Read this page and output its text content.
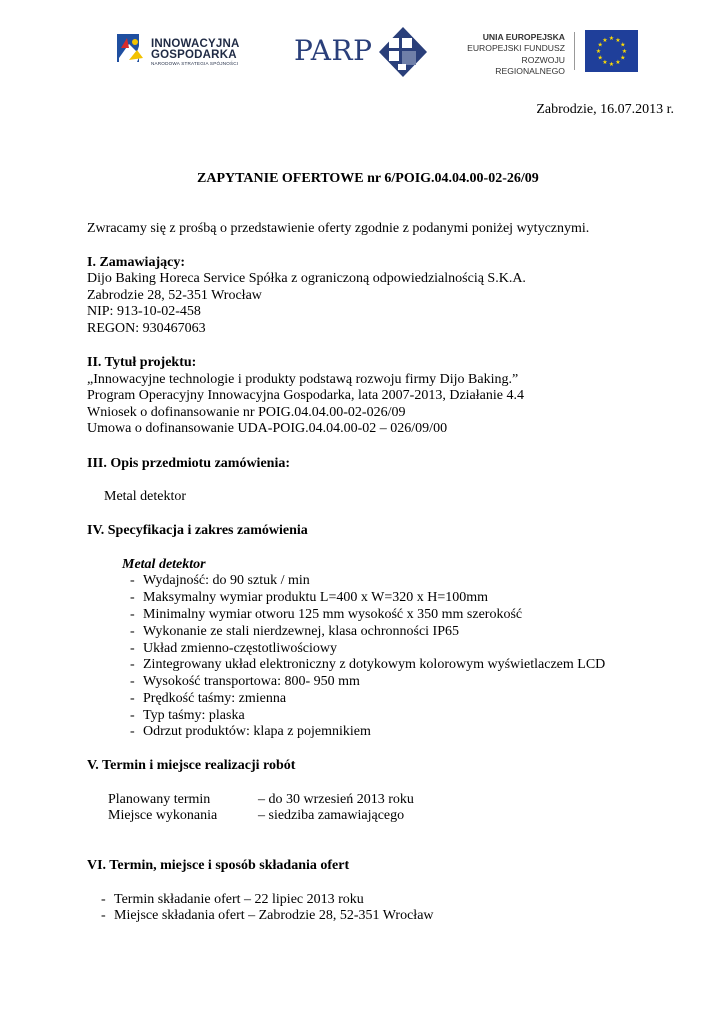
INNOWACYJNA
GOSPODARKA
NARODOWA STRATEGIA SPÓJNOŚCI PARP	UNIA EUROPEJSKA
EUROPEJSKI FUNDUSZ
ROZWOJU REGIONALNEGO
★ ★
★
★
★
★
★
★
★
★
★
★
Zabrodzie, 16.07.2013 r.
ZAPYTANIE OFERTOWE nr 6/POIG.04.04.00-02-26/09
Zwracamy się z prośbą o przedstawienie oferty zgodnie z podanymi poniżej wytycznymi.
I. Zamawiający:
Dijo Baking Horeca Service Spółka z ograniczoną odpowiedzialnością S.K.A.
Zabrodzie 28, 52-351 Wrocław
NIP: 913-10-02-458
REGON: 930467063
II. Tytuł projektu:
„Innowacyjne technologie i produkty podstawą rozwoju firmy Dijo Baking.”
Program Operacyjny Innowacyjna Gospodarka, lata 2007-2013, Działanie 4.4
Wniosek o dofinansowanie nr POIG.04.04.00-02-026/09
Umowa o dofinansowanie UDA-POIG.04.04.00-02 – 026/09/00
III. Opis przedmiotu zamówienia:
Metal detektor
IV. Specyfikacja i zakres zamówienia
Metal detektor
- Wydajność: do 90 sztuk / min
- Maksymalny wymiar produktu L=400 x W=320 x H=100mm
- Minimalny wymiar otworu 125 mm wysokość x 350 mm szerokość
- Wykonanie ze stali nierdzewnej, klasa ochronności IP65
- Układ zmienno-częstotliwościowy
- Zintegrowany układ elektroniczny z dotykowym kolorowym wyświetlaczem LCD
- Wysokość transportowa: 800- 950 mm
- Prędkość taśmy: zmienna
- Typ taśmy: plaska
- Odrzut produktów: klapa z pojemnikiem
V. Termin i miejsce realizacji robót
Planowany termin	– do 30 wrzesień 2013 roku
Miejsce wykonania	– siedziba zamawiającego
VI. Termin, miejsce i sposób składania ofert
- Termin składanie ofert – 22 lipiec 2013 roku
- Miejsce składania ofert – Zabrodzie 28, 52-351 Wrocław
